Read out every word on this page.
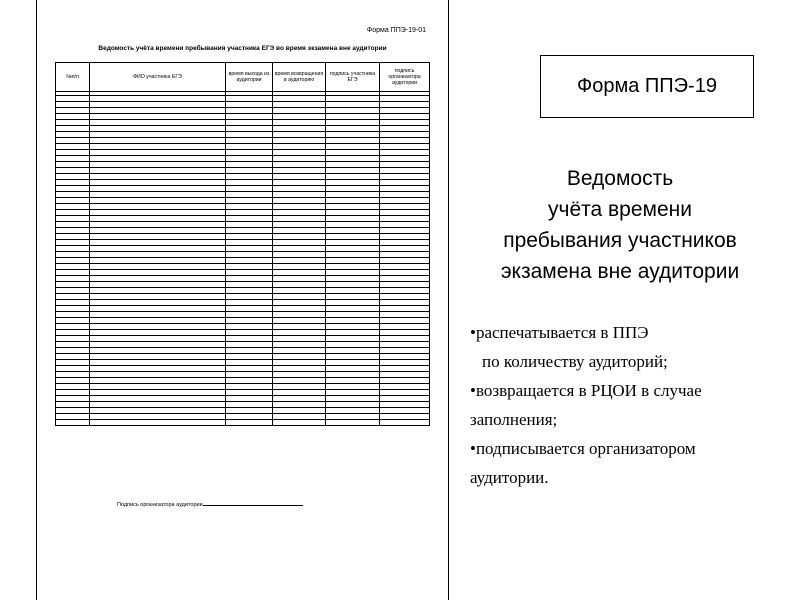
Форма ППЭ-19-01
Ведомость учёта времени пребывания участника ЕГЭ во время экзамена вне аудитории
№п/п	ФИО участника ЕГЭ	время выхода из аудитории	время возвращения в аудиторию	подпись участника ЕГЭ	подпись организатора аудитории

Подпись организатора аудитории
Форма ППЭ-19
Ведомость
учёта времени
пребывания участников
экзамена вне аудитории
•распечатывается в ППЭ
по количеству аудиторий;
•возвращается в РЦОИ в случае
заполнения;
•подписывается организатором
аудитории.
